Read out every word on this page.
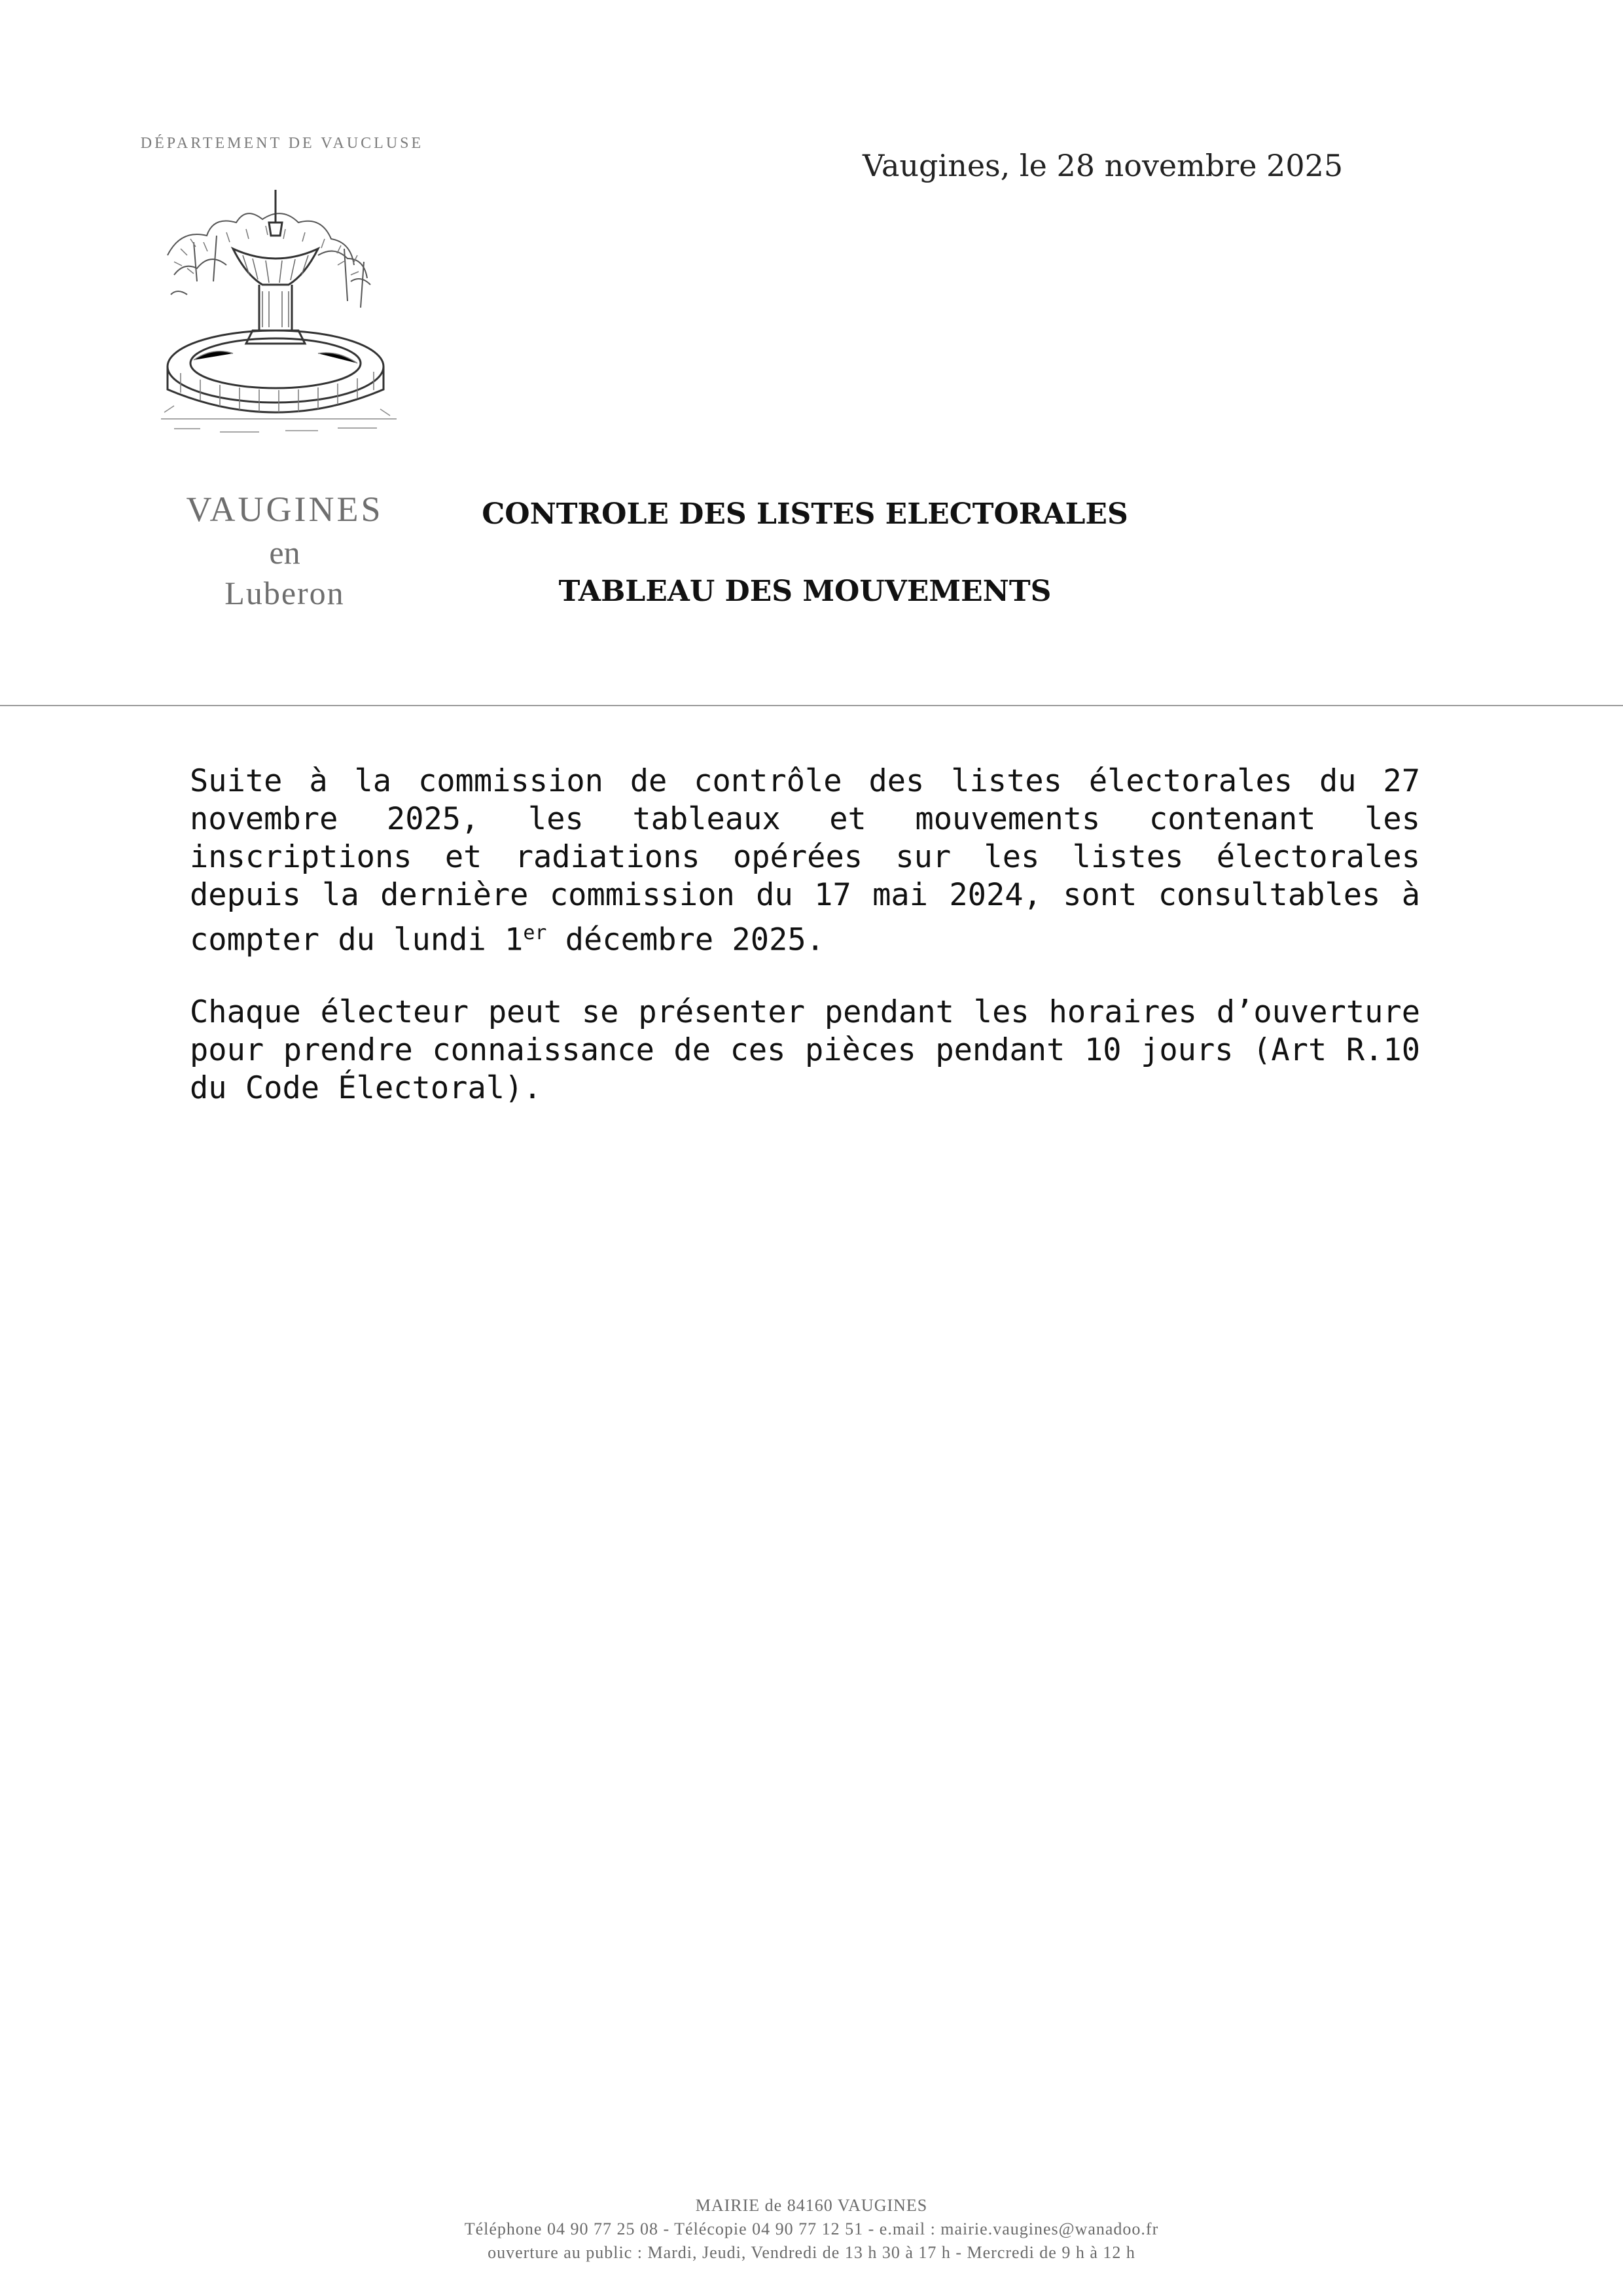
DÉPARTEMENT DE VAUCLUSE
Vaugines, le 28 novembre 2025
VAUGINES
en
Luberon
CONTROLE DES LISTES ELECTORALES
TABLEAU DES MOUVEMENTS

Suite à la commission de contrôle des listes électorales du 27 novembre 2025, les tableaux et mouvements contenant les inscriptions et radiations opérées sur les listes électorales depuis la dernière commission du 17 mai 2024, sont consultables à compter du lundi 1er décembre 2025.

Chaque électeur peut se présenter pendant les horaires d’ouverture pour prendre connaissance de ces pièces pendant 10 jours (Art R.10 du Code Électoral).

MAIRIE de 84160 VAUGINES
Téléphone 04 90 77 25 08 - Télécopie 04 90 77 12 51 - e.mail : mairie.vaugines@wanadoo.fr
ouverture au public : Mardi, Jeudi, Vendredi de 13 h 30 à 17 h - Mercredi de 9 h à 12 h
